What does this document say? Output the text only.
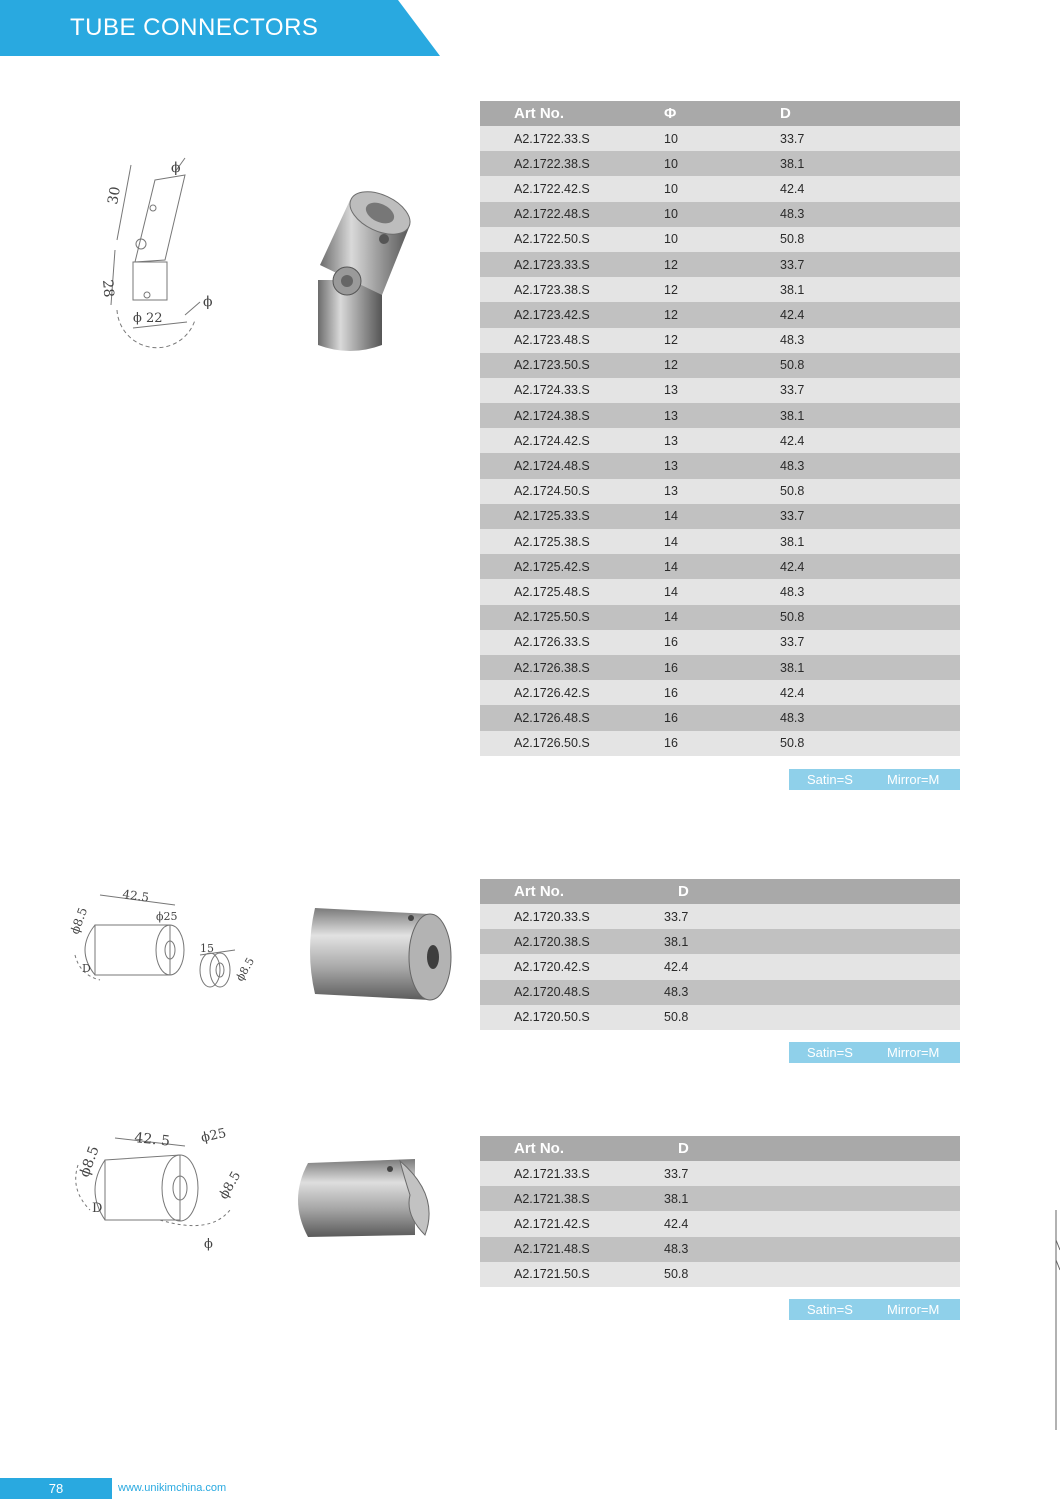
TUBE CONNECTORS
ϕ
30
28
ϕ 22
ϕ
Art No.	Φ	D
A2.1722.33.S	10	33.7
A2.1722.38.S	10	38.1
A2.1722.42.S	10	42.4
A2.1722.48.S	10	48.3
A2.1722.50.S	10	50.8
A2.1723.33.S	12	33.7
A2.1723.38.S	12	38.1
A2.1723.42.S	12	42.4
A2.1723.48.S	12	48.3
A2.1723.50.S	12	50.8
A2.1724.33.S	13	33.7
A2.1724.38.S	13	38.1
A2.1724.42.S	13	42.4
A2.1724.48.S	13	48.3
A2.1724.50.S	13	50.8
A2.1725.33.S	14	33.7
A2.1725.38.S	14	38.1
A2.1725.42.S	14	42.4
A2.1725.48.S	14	48.3
A2.1725.50.S	14	50.8
A2.1726.33.S	16	33.7
A2.1726.38.S	16	38.1
A2.1726.42.S	16	42.4
A2.1726.48.S	16	48.3
A2.1726.50.S	16	50.8
Satin=S	Mirror=M
42.5
ϕ8.5	ϕ25
15
ϕ8.5
D
Art No.	D
A2.1720.33.S	33.7
A2.1720.38.S	38.1
A2.1720.42.S	42.4
A2.1720.48.S	48.3
A2.1720.50.S	50.8
Satin=S	Mirror=M
42. 5
ϕ8.5
ϕ25
ϕ8.5
D
ϕ
Art No.	D
A2.1721.33.S	33.7
A2.1721.38.S	38.1
A2.1721.42.S	42.4
A2.1721.48.S	48.3
A2.1721.50.S	50.8
Satin=S	Mirror=M
78	www.unikimchina.com
